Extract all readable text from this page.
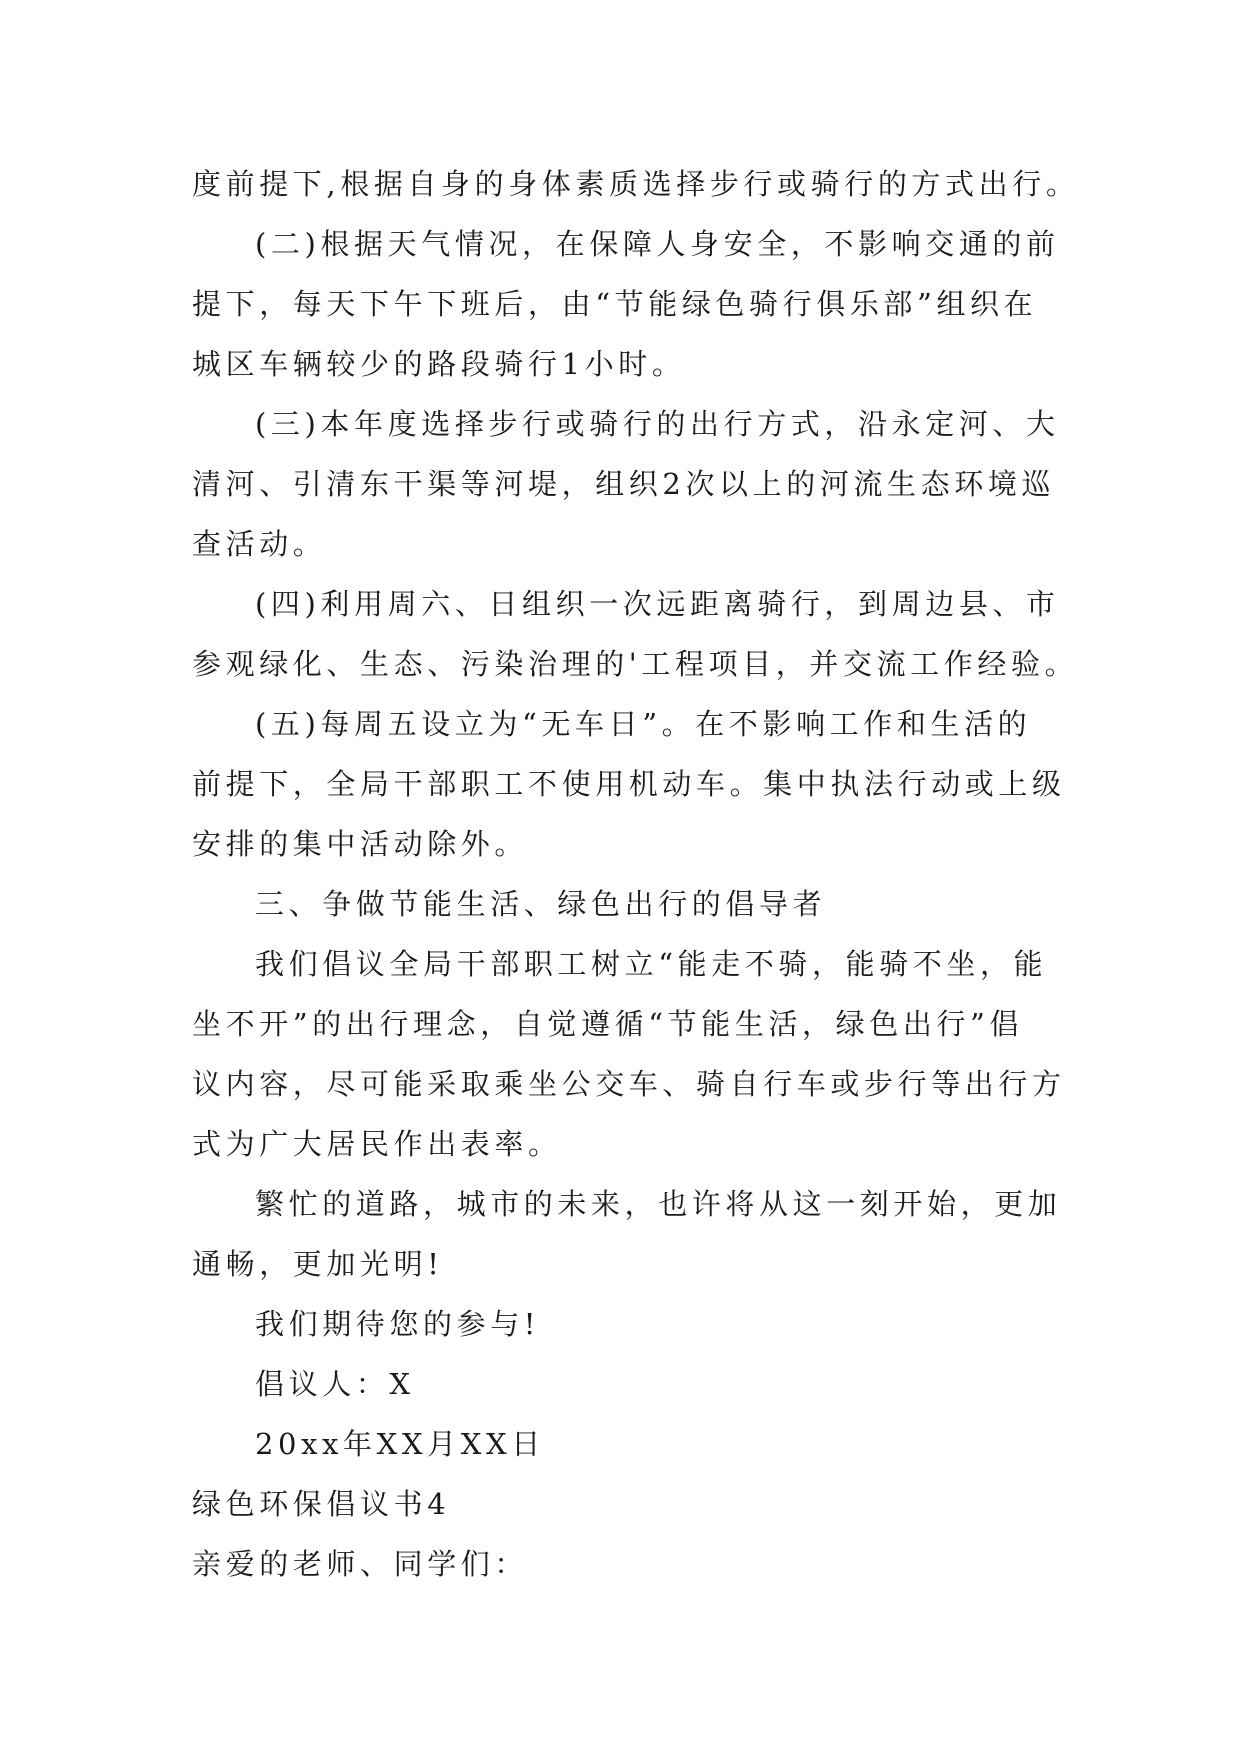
度前提下,根据自身的身体素质选择步行或骑行的方式出行。
(二)根据天气情况，在保障人身安全，不影响交通的前
提下，每天下午下班后，由“节能绿色骑行俱乐部”组织在
城区车辆较少的路段骑行1小时。
(三)本年度选择步行或骑行的出行方式，沿永定河、大
清河、引清东干渠等河堤，组织2次以上的河流生态环境巡
查活动。
(四)利用周六、日组织一次远距离骑行，到周边县、市
参观绿化、生态、污染治理的'工程项目，并交流工作经验。
(五)每周五设立为“无车日”。在不影响工作和生活的
前提下，全局干部职工不使用机动车。集中执法行动或上级
安排的集中活动除外。
三、争做节能生活、绿色出行的倡导者
我们倡议全局干部职工树立“能走不骑，能骑不坐，能
坐不开”的出行理念，自觉遵循“节能生活，绿色出行”倡
议内容，尽可能采取乘坐公交车、骑自行车或步行等出行方
式为广大居民作出表率。
繁忙的道路，城市的未来，也许将从这一刻开始，更加
通畅，更加光明!
我们期待您的参与!
倡议人：X
20xx年XX月XX日
绿色环保倡议书4
亲爱的老师、同学们：
